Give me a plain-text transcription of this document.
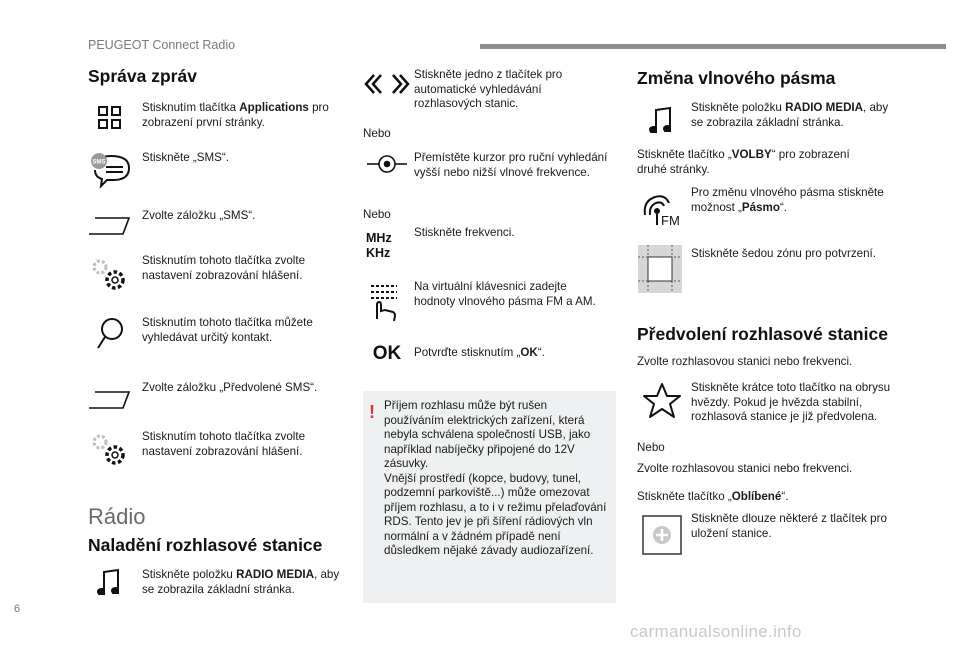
PEUGEOT Connect Radio
Správa zpráv
Stisknutím tlačítka Applications pro zobrazení první stránky.
SMS	Stiskněte „SMS“.
Zvolte záložku „SMS“.
Stisknutím tohoto tlačítka zvolte nastavení zobrazování hlášení.
Stisknutím tohoto tlačítka můžete vyhledávat určitý kontakt.
Zvolte záložku „Předvolené SMS“.
Stisknutím tohoto tlačítka zvolte nastavení zobrazování hlášení.
Rádio
Naladění rozhlasové stanice
Stiskněte položku RADIO MEDIA, aby se zobrazila základní stránka.
Stiskněte jedno z tlačítek pro automatické vyhledávání rozhlasových stanic.
Nebo
Přemístěte kurzor pro ruční vyhledání vyšší nebo nižší vlnové frekvence.
Nebo
MHz
KHz
Stiskněte frekvenci.
Na virtuální klávesnici zadejte hodnoty vlnového pásma FM a AM.
OK Potvrďte stisknutím „OK“.
! Příjem rozhlasu může být rušen používáním elektrických zařízení, která nebyla schválena společností USB, jako například nabíječky připojené do 12V zásuvky.
Vnější prostředí (kopce, budovy, tunel, podzemní parkoviště...) může omezovat příjem rozhlasu, a to i v režimu přelaďování RDS. Tento jev je při šíření rádiových vln normální a v žádném případě není důsledkem nějaké závady audiozařízení.
Změna vlnového pásma
Stiskněte položku RADIO MEDIA, aby se zobrazila základní stránka.
Stiskněte tlačítko „VOLBY“ pro zobrazení druhé stránky.
FM
Pro změnu vlnového pásma stiskněte možnost „Pásmo“.
Stiskněte šedou zónu pro potvrzení.
Předvolení rozhlasové stanice
Zvolte rozhlasovou stanici nebo frekvenci.
Stiskněte krátce toto tlačítko na obrysu hvězdy. Pokud je hvězda stabilní, rozhlasová stanice je již předvolena.
Nebo
Zvolte rozhlasovou stanici nebo frekvenci.
Stiskněte tlačítko „Oblíbené“.
Stiskněte dlouze některé z tlačítek pro uložení stanice.
6
carmanualsonline.info
